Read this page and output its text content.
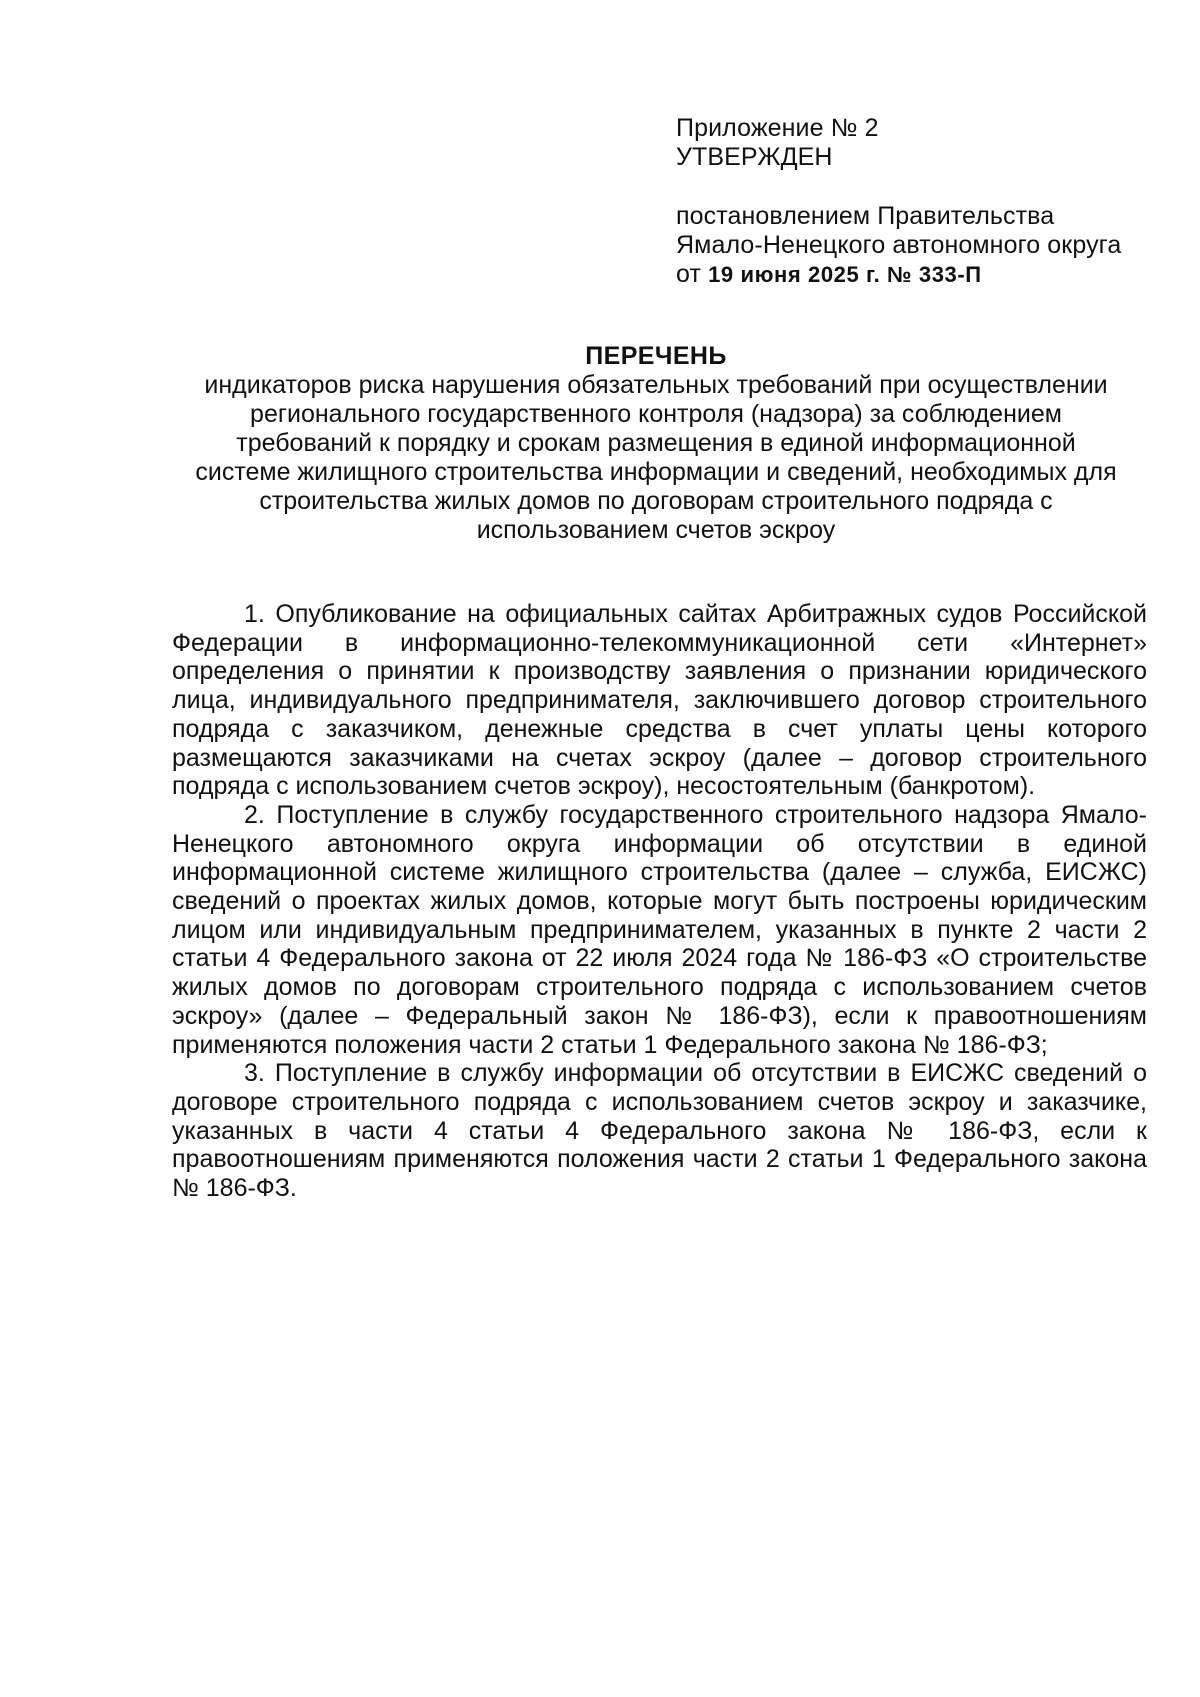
Приложение № 2
УТВЕРЖДЕН
постановлением Правительства
Ямало-Ненецкого автономного округа
от 19 июня 2025 г. № 333-П
ПЕРЕЧЕНЬ
индикаторов риска нарушения обязательных требований при осуществлении
регионального государственного контроля (надзора) за соблюдением
требований к порядку и срокам размещения в единой информационной
системе жилищного строительства информации и сведений, необходимых для
строительства жилых домов по договорам строительного подряда с
использованием счетов эскроу

1. Опубликование на официальных сайтах Арбитражных судов Российской Федерации в информационно-телекоммуникационной сети «Интернет» определения о принятии к производству заявления о признании юридического лица, индивидуального предпринимателя, заключившего договор строительного подряда с заказчиком, денежные средства в счет уплаты цены которого размещаются заказчиками на счетах эскроу (далее – договор строительного подряда с использованием счетов эскроу), несостоятельным (банкротом).

2. Поступление в службу государственного строительного надзора Ямало-Ненецкого автономного округа информации об отсутствии в единой информационной системе жилищного строительства (далее – служба, ЕИСЖС) сведений о проектах жилых домов, которые могут быть построены юридическим лицом или индивидуальным предпринимателем, указанных в пункте 2 части 2 статьи 4 Федерального закона от 22 июля 2024 года № 186-ФЗ «О строительстве жилых домов по договорам строительного подряда с использованием счетов эскроу» (далее – Федеральный закон № 186-ФЗ), если к правоотношениям применяются положения части 2 статьи 1 Федерального закона № 186-ФЗ;

3. Поступление в службу информации об отсутствии в ЕИСЖС сведений о договоре строительного подряда с использованием счетов эскроу и заказчике, указанных в части 4 статьи 4 Федерального закона № 186-ФЗ, если к правоотношениям применяются положения части 2 статьи 1 Федерального закона № 186-ФЗ.
